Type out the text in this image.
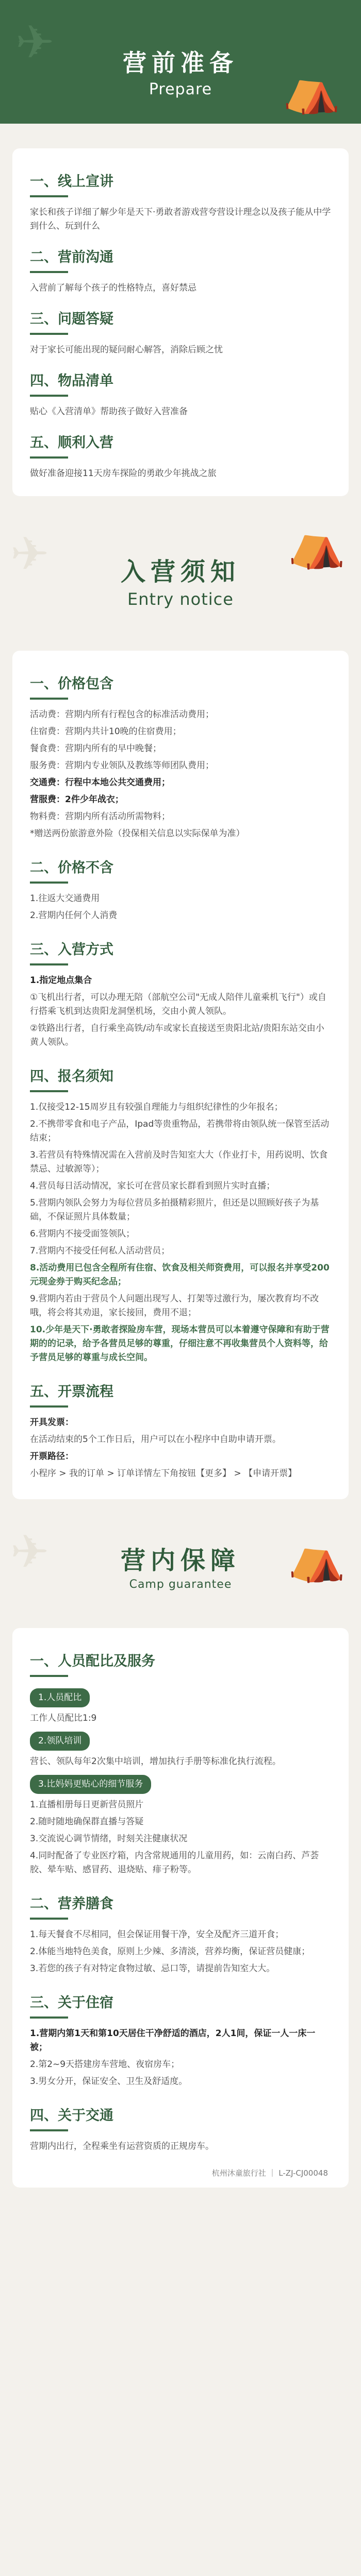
✈
⛺
营前准备
Prepare
一、线上宣讲
家长和孩子详细了解少年是天下·勇敢者游戏营夸营设计理念以及孩子能从中学到什么、玩到什么
二、营前沟通
入营前了解每个孩子的性格特点，喜好禁忌
三、问题答疑
对于家长可能出现的疑问耐心解答，消除后顾之忧
四、物品清单
贴心《入营清单》帮助孩子做好入营准备
五、顺利入营
做好准备迎接11天房车探险的勇敢少年挑战之旅
✈	⛺
入营须知
Entry notice
一、价格包含

活动费：营期内所有行程包含的标准活动费用；

住宿费：营期内共计10晚的住宿费用；

餐食费：营期内所有的早中晚餐；

服务费：营期内专业领队及教练等师团队费用；

交通费：行程中本地公共交通费用；

营服费：2件少年战衣；

物料费：营期内所有活动所需物料；

*赠送两份旅游意外险（投保相关信息以实际保单为准）

二、价格不含

1.往返大交通费用

2.营期内任何个人消费

三、入营方式

1.指定地点集合

①飞机出行者，可以办理无陪（部航空公司"无成人陪伴儿童乘机飞行"）或自行搭乘飞机到达贵阳龙洞堡机场，交由小黄人领队。

②铁路出行者，自行乘坐高铁/动车或家长直接送至贵阳北站/贵阳东站交由小黄人领队。

四、报名须知

1.仅接受12-15周岁且有较强自理能力与组织纪律性的少年报名；

2.不携带零食和电子产品，Ipad等贵重物品，若携带将由领队统一保管至活动结束；

3.若营员有特殊情况需在入营前及时告知室大大（作业打卡，用药说明、饮食禁忌、过敏源等）；

4.营员每日活动情况，家长可在营员家长群看到照片实时直播；

5.营期内领队会努力为每位营员多拍摄精彩照片，但还是以照顾好孩子为基础，不保证照片具体数量；

6.营期内不接受面签领队；

7.营期内不接受任何私人活动营员；

8.活动费用已包含全程所有住宿、饮食及相关师资费用，可以报名并享受200元现金券于购买纪念品；

9.营期内若由于营员个人问题出现写人、打架等过激行为，屡次教育均不改哦，将会将其劝退，家长接回，费用不退；

10.少年是天下·勇敢者探险房车营，现场本营员可以本着遵守保障和有助于营期的的记录，给予各营员足够的尊重，仔细注意不再收集营员个人资料等，给予营员足够的尊重与成长空间。

五、开票流程

开具发票：

在活动结束的5个工作日后，用户可以在小程序中自助申请开票。

开票路径：

小程序 > 我的订单 > 订单详情左下角按钮【更多】 > 【申请开票】

✈	⛺
营内保障
Camp guarantee
一、人员配比及服务
1.人员配比

工作人员配比1:9

2.领队培训

营长、领队每年2次集中培训，增加执行手册等标准化执行流程。

3.比妈妈更贴心的细节服务

1.直播相册每日更新营员照片

2.随时随地确保群直播与答疑

3.交流说心调节情绪，时刻关注健康状况

4.同时配备了专业医疗箱，内含常规通用的儿童用药，如：云南白药、芦荟胶、晕车贴、感冒药、退烧贴、痱子粉等。

二、营养膳食

1.每天餐食不尽相同，但会保证用餐干净，安全及配齐三道开食；

2.体能当地特色美食，原则上少辣、多清淡，营养均衡，保证营员健康；

3.若您的孩子有对特定食物过敏、忌口等，请提前告知室大大。

三、关于住宿

1.营期内第1天和第10天居住干净舒适的酒店，2人1间，保证一人一床一被；

2.第2~9天搭建房车营地、夜宿房车；

3.男女分开，保证安全、卫生及舒适度。

四、关于交通

营期内出行，全程乘坐有运营资质的正规房车。

杭州沐童旅行社 ｜ L-ZJ-CJ00048
